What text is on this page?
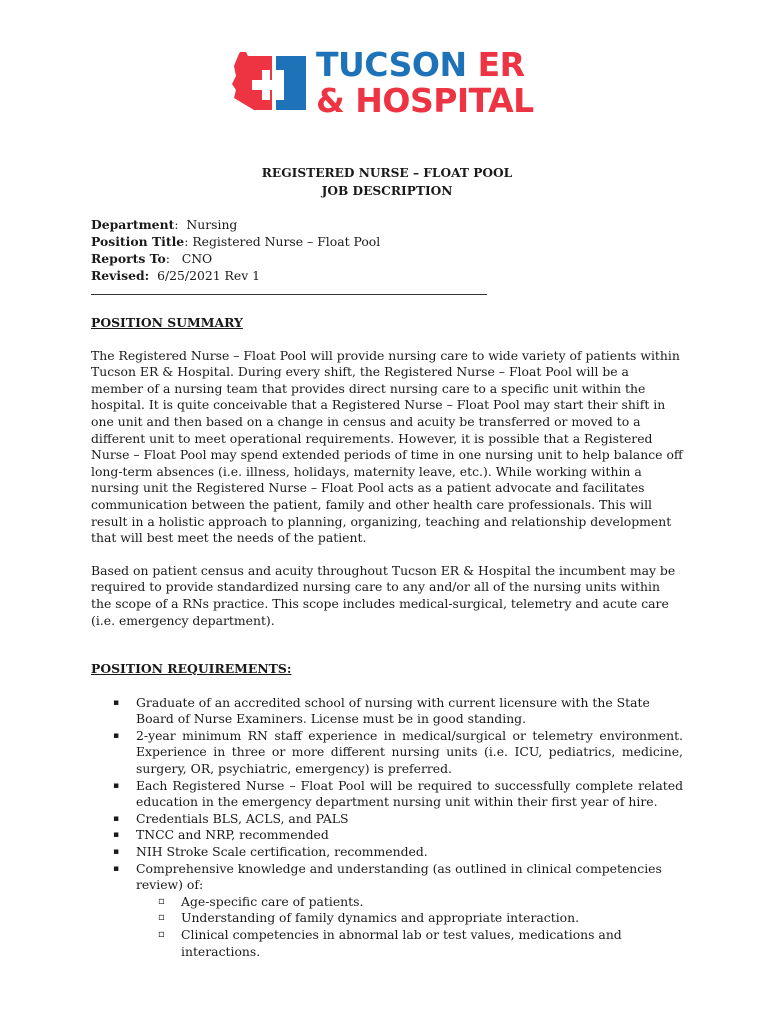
TUCSON ER
& HOSPITAL
REGISTERED NURSE – FLOAT POOL
JOB DESCRIPTION
Department:  Nursing
Position Title: Registered Nurse – Float Pool
Reports To:   CNO
Revised: 6/25/2021 Rev 1
POSITION SUMMARY
The Registered Nurse – Float Pool will provide nursing care to wide variety of patients within Tucson ER & Hospital. During every shift, the Registered Nurse – Float Pool will be a member of a nursing team that provides direct nursing care to a specific unit within the hospital. It is quite conceivable that a Registered Nurse – Float Pool may start their shift in one unit and then based on a change in census and acuity be transferred or moved to a different unit to meet operational requirements. However, it is possible that a Registered Nurse – Float Pool may spend extended periods of time in one nursing unit to help balance off long-term absences (i.e. illness, holidays, maternity leave, etc.). While working within a nursing unit the Registered Nurse – Float Pool acts as a patient advocate and facilitates communication between the patient, family and other health care professionals. This will result in a holistic approach to planning, organizing, teaching and relationship development that will best meet the needs of the patient.
Based on patient census and acuity throughout Tucson ER & Hospital the incumbent may be required to provide standardized nursing care to any and/or all of the nursing units within the scope of a RNs practice. This scope includes medical-surgical, telemetry and acute care (i.e. emergency department).
POSITION REQUIREMENTS:
▪ Graduate of an accredited school of nursing with current licensure with the State Board of Nurse Examiners. License must be in good standing.
▪ 2-year minimum RN staff experience in medical/surgical or telemetry environment. Experience in three or more different nursing units (i.e. ICU, pediatrics, medicine, surgery, OR, psychiatric, emergency) is preferred.
▪ Each Registered Nurse – Float Pool will be required to successfully complete related education in the emergency department nursing unit within their first year of hire.
▪ Credentials BLS, ACLS, and PALS
▪ TNCC and NRP, recommended
▪ NIH Stroke Scale certification, recommended.
▪ Comprehensive knowledge and understanding (as outlined in clinical competencies review) of:
▫ Age-specific care of patients.
▫ Understanding of family dynamics and appropriate interaction.
▫ Clinical competencies in abnormal lab or test values, medications and interactions.
